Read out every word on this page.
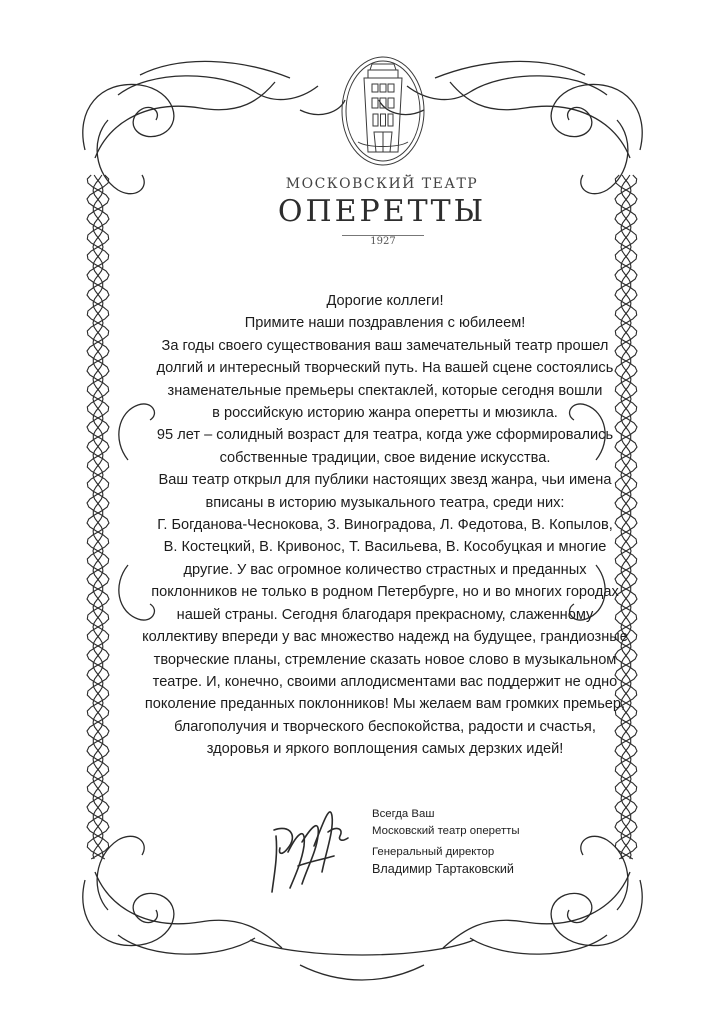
МОСКОВСКИЙ ТЕАТР
ОПЕРЕТТЫ
1927

Дорогие коллеги!

Примите наши поздравления с юбилеем!

За годы своего существования ваш замечательный театр прошел
долгий и интересный творческий путь. На вашей сцене состоялись
знаменательные премьеры спектаклей, которые сегодня вошли
в российскую историю жанра оперетты и мюзикла.

95 лет – солидный возраст для театра, когда уже сформировались
собственные традиции, свое видение искусства.

Ваш театр открыл для публики настоящих звезд жанра, чьи имена
вписаны в историю музыкального театра, среди них:
Г. Богданова-Чеснокова, З. Виноградова, Л. Федотова, В. Копылов,
В. Костецкий, В. Кривонос, Т. Васильева, В. Кособуцкая и многие
другие. У вас огромное количество страстных и преданных
поклонников не только в родном Петербурге, но и во многих городах
нашей страны. Сегодня благодаря прекрасному, слаженному
коллективу впереди у вас множество надежд на будущее, грандиозные
творческие планы, стремление сказать новое слово в музыкальном
театре. И, конечно, своими аплодисментами вас поддержит не одно
поколение преданных поклонников! Мы желаем вам громких премьер,
благополучия и творческого беспокойства, радости и счастья,
здоровья и яркого воплощения самых дерзких идей!

Всегда Ваш
Московский театр оперетты
Генеральный директор
Владимир Тартаковский
